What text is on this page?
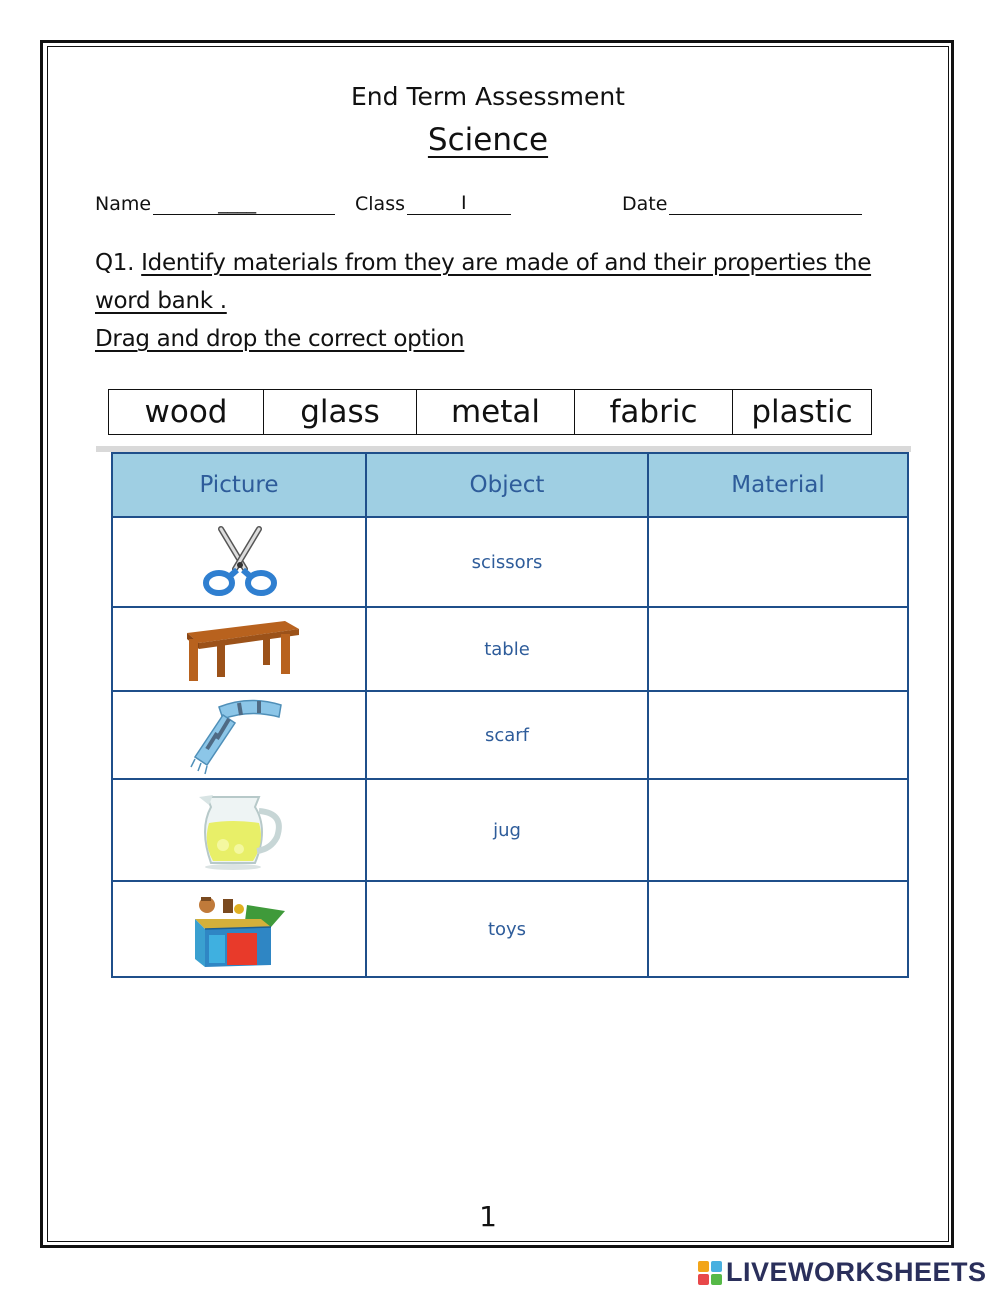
End Term Assessment
Science
Name	____	Class	I	Date
Q1. Identify materials from they are made of and their properties the word bank .
Drag and drop the correct option
wood	glass	metal	fabric	plastic
Picture	Object	Material

	scissors	

	table	

	scarf	

	jug	

	toys	
1
LIVEWORKSHEETS
